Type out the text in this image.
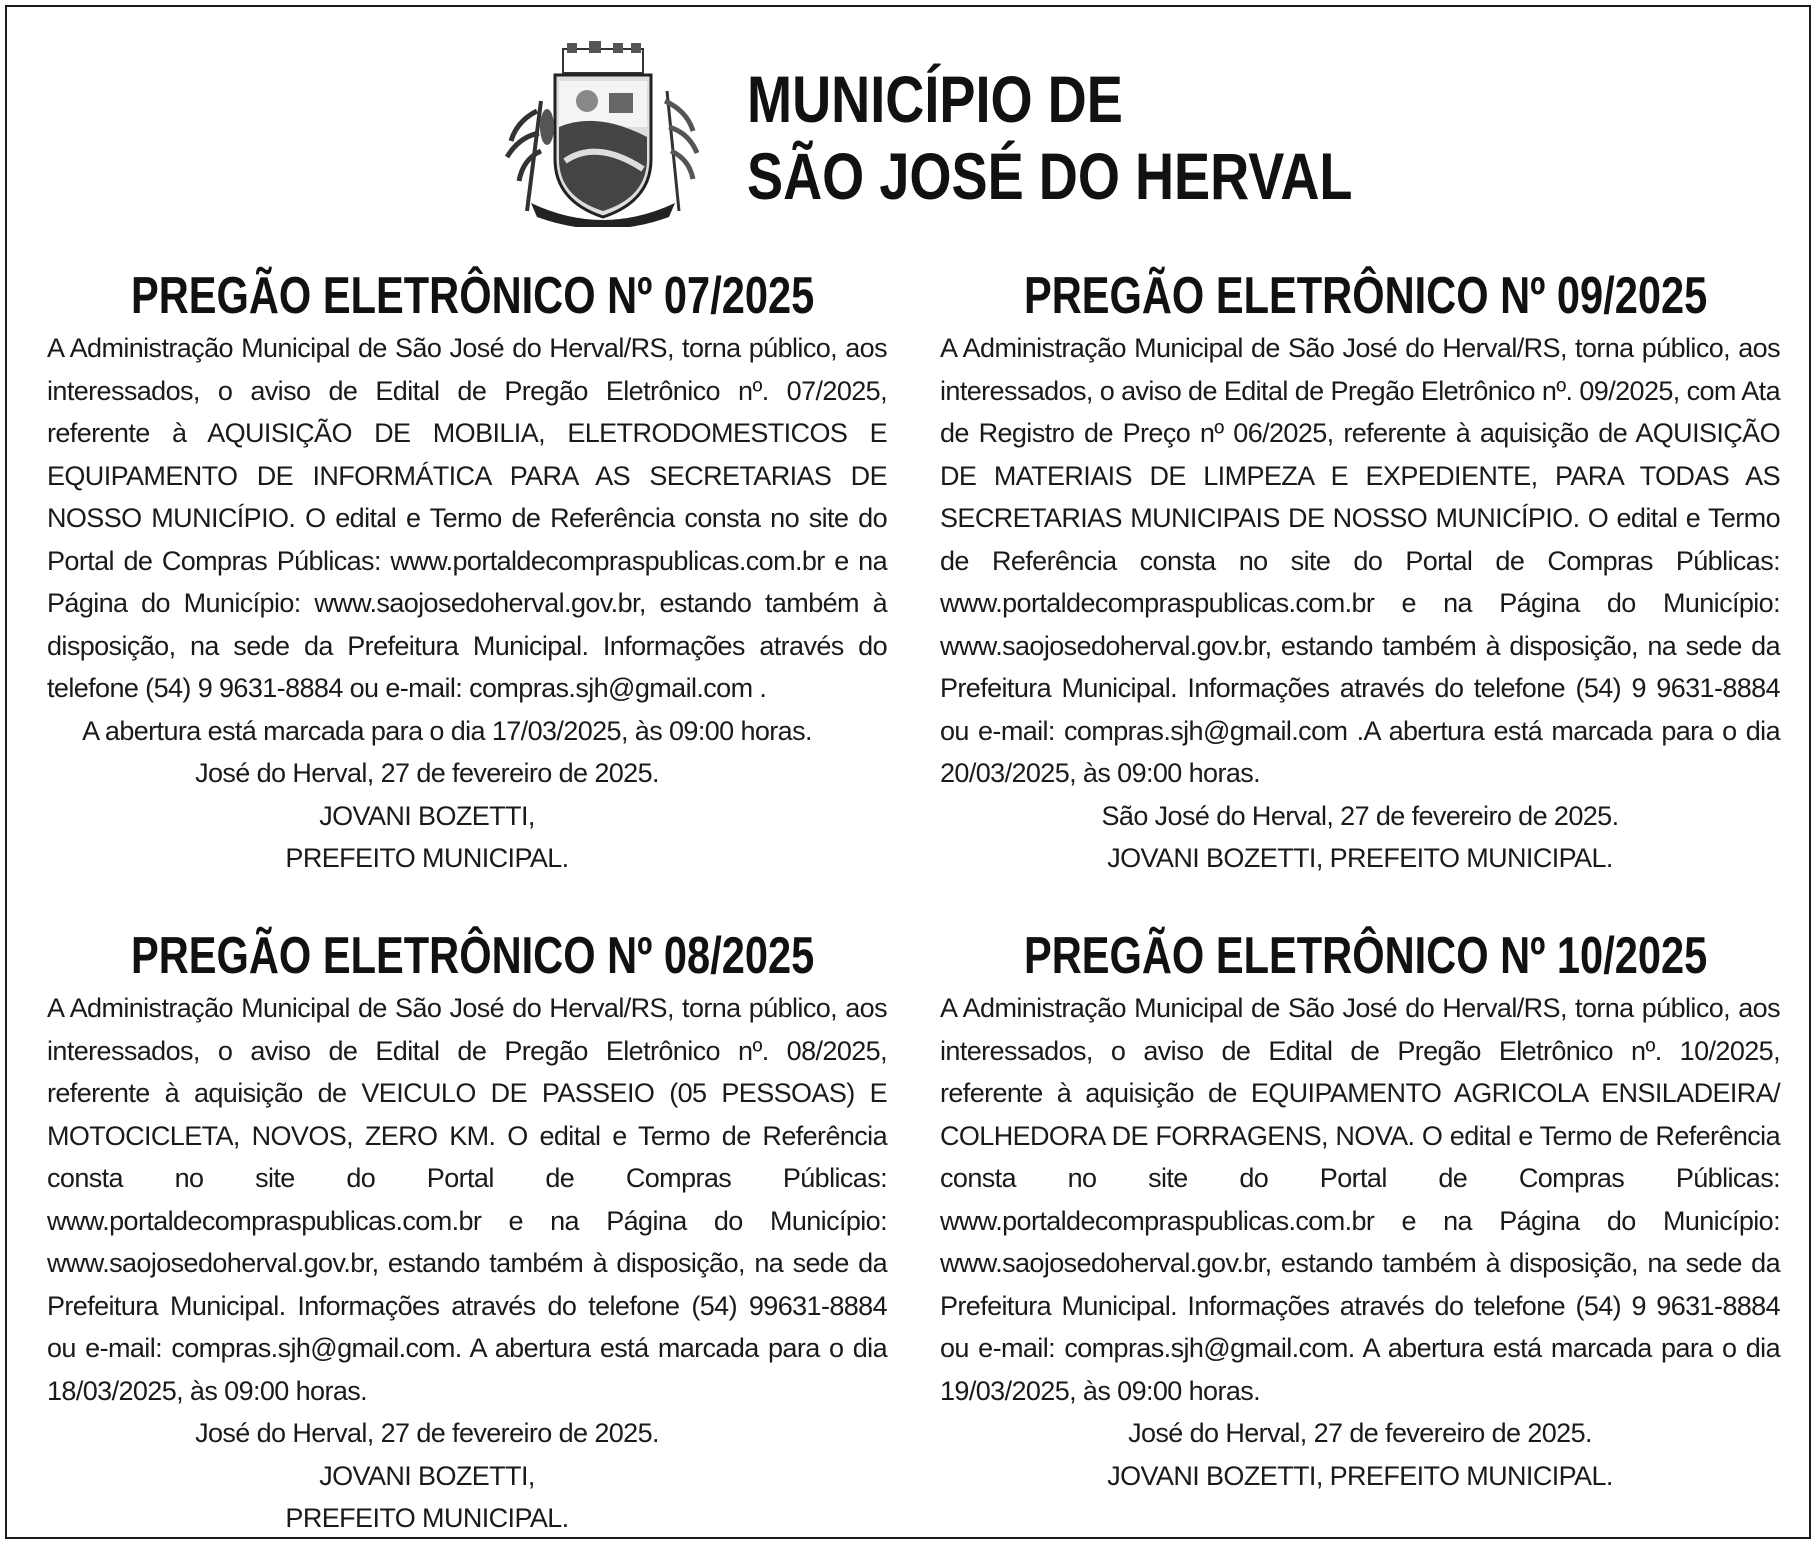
MUNICÍPIO DE
SÃO JOSÉ DO HERVAL
PREGÃO ELETRÔNICO Nº 07/2025

A Administração Municipal de São José do Herval/RS, torna público, aos interessados, o aviso de Edital de Pregão Eletrônico nº. 07/2025, referente à AQUISIÇÃO DE MOBILIA, ELETRODOMESTICOS E EQUIPAMENTO DE INFORMÁTICA PARA AS SECRETARIAS DE NOSSO MUNICÍPIO. O edital e Termo de Referência consta no site do Portal de Compras Públicas: www.portaldecompraspublicas.com.br e na Página do Município: www.saojosedoherval.gov.br, estando também à disposição, na sede da Prefeitura Municipal. Informações através do telefone (54) 9 9631-8884 ou e-mail: compras.sjh@gmail.com .

A abertura está marcada para o dia 17/03/2025, às 09:00 horas.

José do Herval, 27 de fevereiro de 2025.

JOVANI BOZETTI,

PREFEITO MUNICIPAL.

PREGÃO ELETRÔNICO Nº 09/2025

A Administração Municipal de São José do Herval/RS, torna público, aos interessados, o aviso de Edital de Pregão Eletrônico nº. 09/2025, com Ata de Registro de Preço nº 06/2025, referente à aquisição de AQUISIÇÃO DE MATERIAIS DE LIMPEZA E EXPEDIENTE, PARA TODAS AS SECRETARIAS MUNICIPAIS DE NOSSO MUNICÍPIO. O edital e Termo de Referência consta no site do Portal de Compras Públicas: www.portaldecompraspublicas.com.br e na Página do Município: www.saojosedoherval.gov.br, estando também à disposição, na sede da Prefeitura Municipal. Informações através do telefone (54) 9 9631-8884 ou e-mail: compras.sjh@gmail.com .A abertura está marcada para o dia 20/03/2025, às 09:00 horas.

São José do Herval, 27 de fevereiro de 2025.

JOVANI BOZETTI, PREFEITO MUNICIPAL.

PREGÃO ELETRÔNICO Nº 08/2025

A Administração Municipal de São José do Herval/RS, torna público, aos interessados, o aviso de Edital de Pregão Eletrônico nº. 08/2025, referente à aquisição de VEICULO DE PASSEIO (05 PESSOAS) E MOTOCICLETA, NOVOS, ZERO KM. O edital e Termo de Referência consta no site do Portal de Compras Públicas: www.portaldecompraspublicas.com.br e na Página do Município: www.saojosedoherval.gov.br, estando também à disposição, na sede da Prefeitura Municipal. Informações através do telefone (54) 99631-8884 ou e-mail: compras.sjh@gmail.com. A abertura está marcada para o dia 18/03/2025, às 09:00 horas.

José do Herval, 27 de fevereiro de 2025.

JOVANI BOZETTI,

PREFEITO MUNICIPAL.

PREGÃO ELETRÔNICO Nº 10/2025

A Administração Municipal de São José do Herval/RS, torna público, aos interessados, o aviso de Edital de Pregão Eletrônico nº. 10/2025, referente à aquisição de EQUIPAMENTO AGRICOLA ENSILADEIRA/ COLHEDORA DE FORRAGENS, NOVA. O edital e Termo de Referência consta no site do Portal de Compras Públicas: www.portaldecompraspublicas.com.br e na Página do Município: www.saojosedoherval.gov.br, estando também à disposição, na sede da Prefeitura Municipal. Informações através do telefone (54) 9 9631-8884 ou e-mail: compras.sjh@gmail.com. A abertura está marcada para o dia 19/03/2025, às 09:00 horas.

José do Herval, 27 de fevereiro de 2025.

JOVANI BOZETTI, PREFEITO MUNICIPAL.
